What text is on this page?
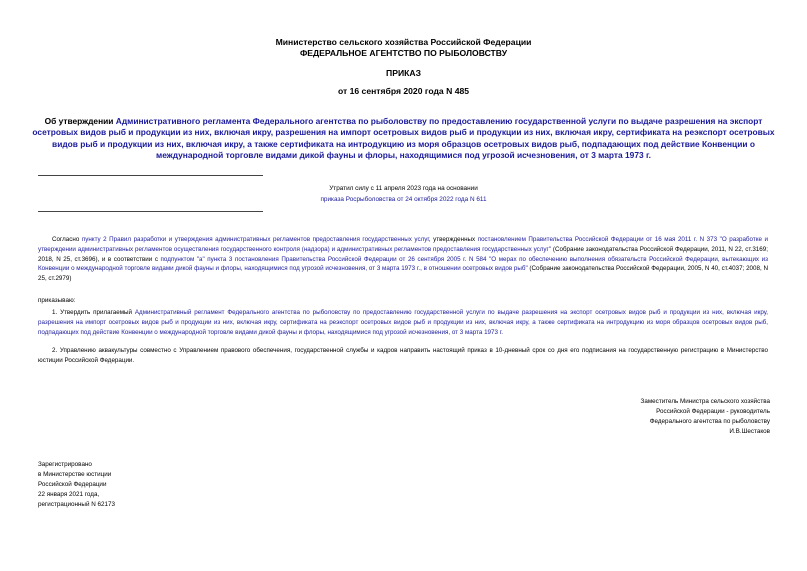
Министерство сельского хозяйства Российской Федерации
ФЕДЕРАЛЬНОЕ АГЕНТСТВО ПО РЫБОЛОВСТВУ
ПРИКАЗ
от 16 сентября 2020 года N 485
Об утверждении Административного регламента Федерального агентства по рыболовству по предоставлению государственной услуги по выдаче разрешения на экспорт осетровых видов рыб и продукции из них, включая икру, разрешения на импорт осетровых видов рыб и продукции из них, включая икру, сертификата на реэкспорт осетровых видов рыб и продукции из них, включая икру, а также сертификата на интродукцию из моря образцов осетровых видов рыб, подпадающих под действие Конвенции о международной торговле видами дикой фауны и флоры, находящимися под угрозой исчезновения, от 3 марта 1973 г.
Утратил силу с 11 апреля 2023 года на основании
приказа Росрыболовства от 24 октября 2022 года N 611
Согласно пункту 2 Правил разработки и утверждения административных регламентов предоставления государственных услуг, утвержденных постановлением Правительства Российской Федерации от 16 мая 2011 г. N 373 "О разработке и утверждении административных регламентов осуществления государственного контроля (надзора) и административных регламентов предоставления государственных услуг" (Собрание законодательства Российской Федерации, 2011, N 22, ст.3169; 2018, N 25, ст.3696), и в соответствии с подпунктом "а" пункта 3 постановления Правительства Российской Федерации от 26 сентября 2005 г. N 584 "О мерах по обеспечению выполнения обязательств Российской Федерации, вытекающих из Конвенции о международной торговле видами дикой фауны и флоры, находящимися под угрозой исчезновения, от 3 марта 1973 г., в отношении осетровых видов рыб" (Собрание законодательства Российской Федерации, 2005, N 40, ст.4037; 2008, N 25, ст.2979)
приказываю:
1. Утвердить прилагаемый Административный регламент Федерального агентства по рыболовству по предоставлению государственной услуги по выдаче разрешения на экспорт осетровых видов рыб и продукции из них, включая икру, разрешения на импорт осетровых видов рыб и продукции из них, включая икру, сертификата на реэкспорт осетровых видов рыб и продукции из них, включая икру, а также сертификата на интродукцию из моря образцов осетровых видов рыб, подпадающих под действие Конвенции о международной торговле видами дикой фауны и флоры, находящимися под угрозой исчезновения, от 3 марта 1973 г.
2. Управлению аквакультуры совместно с Управлением правового обеспечения, государственной службы и кадров направить настоящий приказ в 10-дневный срок со дня его подписания на государственную регистрацию в Министерство юстиции Российской Федерации.
Заместитель Министра сельского хозяйства
Российской Федерации - руководитель
Федерального агентства по рыболовству
И.В.Шестаков
Зарегистрировано
в Министерстве юстиции
Российской Федерации
22 января 2021 года,
регистрационный N 62173
